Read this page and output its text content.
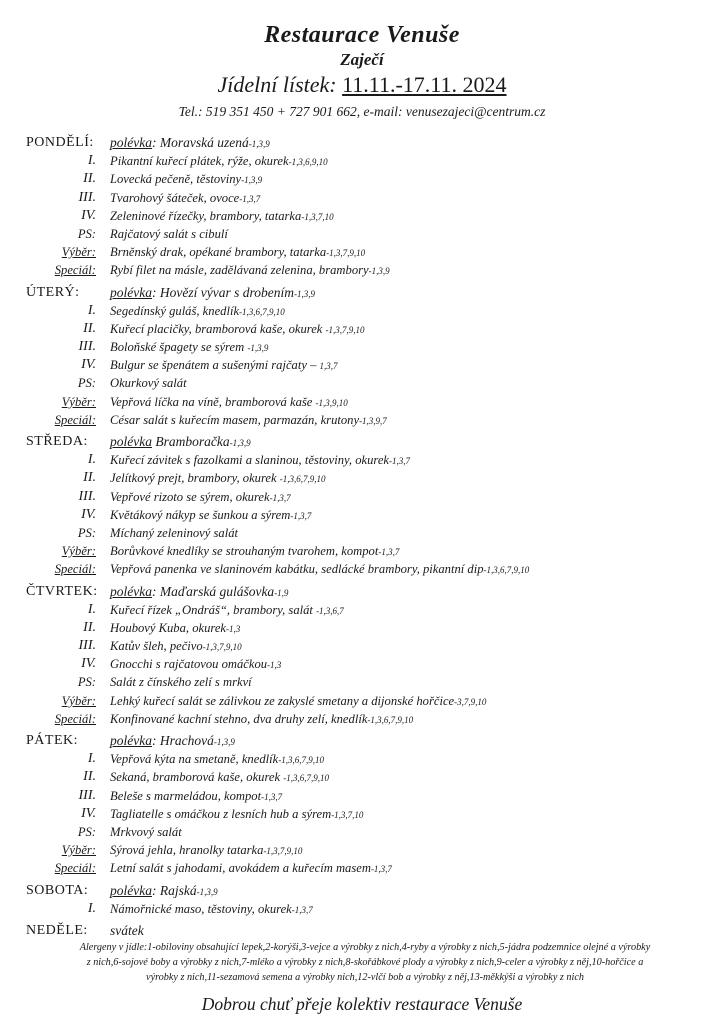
Restaurace Venuše
Zaječí
Jídelní lístek: 11.11.-17.11. 2024
Tel.: 519 351 450 + 727 901 662, e-mail: venusezajeci@centrum.cz
PONDĚLÍ: polévka: Moravská uzená-1,3,9
I. Pikantní kuřecí plátek, rýže, okurek-1,3,6,9,10
II. Lovecká pečeně, těstoviny-1,3,9
III. Tvarohový šáteček, ovoce-1,3,7
IV. Zeleninové řízečky, brambory, tatarka-1,3,7,10
PS: Rajčatový salát s cibulí
Výběr: Brněnský drak, opékané brambory, tatarka-1,3,7,9,10
Speciál: Rybí filet na másle, zadělávaná zelenina, brambory-1,3,9
ÚTERÝ: polévka: Hovězí vývar s drobením-1,3,9
I. Segedínský guláš, knedlík-1,3,6,7,9,10
II. Kuřecí placičky, bramborová kaše, okurek -1,3,7,9,10
III. Boloňské špagety se sýrem -1,3,9
IV. Bulgur se špenátem a sušenými rajčaty – 1,3,7
PS: Okurkový salát
Výběr: Vepřová líčka na víně, bramborová kaše -1,3,9,10
Speciál: César salát s kuřecím masem, parmazán, krutony-1,3,9,7
STŘEDA: polévka Bramboračka-1,3,9
I. Kuřecí závitek s fazolkami a slaninou, těstoviny, okurek-1,3,7
II. Jelítkový prejt, brambory, okurek -1,3,6,7,9,10
III. Vepřové rizoto se sýrem, okurek-1,3,7
IV. Květákový nákyp se šunkou a sýrem-1,3,7
PS: Míchaný zeleninový salát
Výběr: Borůvkové knedlíky se strouhaným tvarohem, kompot-1,3,7
Speciál: Vepřová panenka ve slaninovém kabátku, sedlácké brambory, pikantní dip-1,3,6,7,9,10
ČTVRTEK: polévka: Maďarská gulášovka-1,9
I. Kuřecí řízek „Ondráš“, brambory, salát -1,3,6,7
II. Houbový Kuba, okurek-1,3
III. Katův šleh, pečivo-1,3,7,9,10
IV. Gnocchi s rajčatovou omáčkou-1,3
PS: Salát z čínského zelí s mrkví
Výběr: Lehký kuřecí salát se zálivkou ze zakyslé smetany a dijonské hořčice-3,7,9,10
Speciál: Konfinované kachní stehno, dva druhy zelí, knedlík-1,3,6,7,9,10
PÁTEK: polévka: Hrachová-1,3,9
I. Vepřová kýta na smetaně, knedlík-1,3,6,7,9,10
II. Sekaná, bramborová kaše, okurek -1,3,6,7,9,10
III. Beleše s marmeládou, kompot-1,3,7
IV. Tagliatelle s omáčkou z lesních hub a sýrem-1,3,7,10
PS: Mrkvový salát
Výběr: Sýrová jehla, hranolky tatarka-1,3,7,9,10
Speciál: Letní salát s jahodami, avokádem a kuřecím masem-1,3,7
SOBOTA: polévka: Rajská-1,3,9
I. Námořnické maso, těstoviny, okurek-1,3,7
NEDĚLE: svátek
Alergeny v jídle:1-obiloviny obsahující lepek,2-korýši,3-vejce a výrobky z nich,4-ryby a výrobky z nich,5-jádra podzemnice olejné a výrobky
z nich,6-sojové boby a výrobky z nich,7-mléko a výrobky z nich,8-skořábkové plody a výrobky z nich,9-celer a výrobky z něj,10-hořčice a
výrobky z nich,11-sezamová semena a výrobky nich,12-vlčí bob a výrobky z něj,13-měkkýši a výrobky z nich
Dobrou chuť přeje kolektiv restaurace Venuše
